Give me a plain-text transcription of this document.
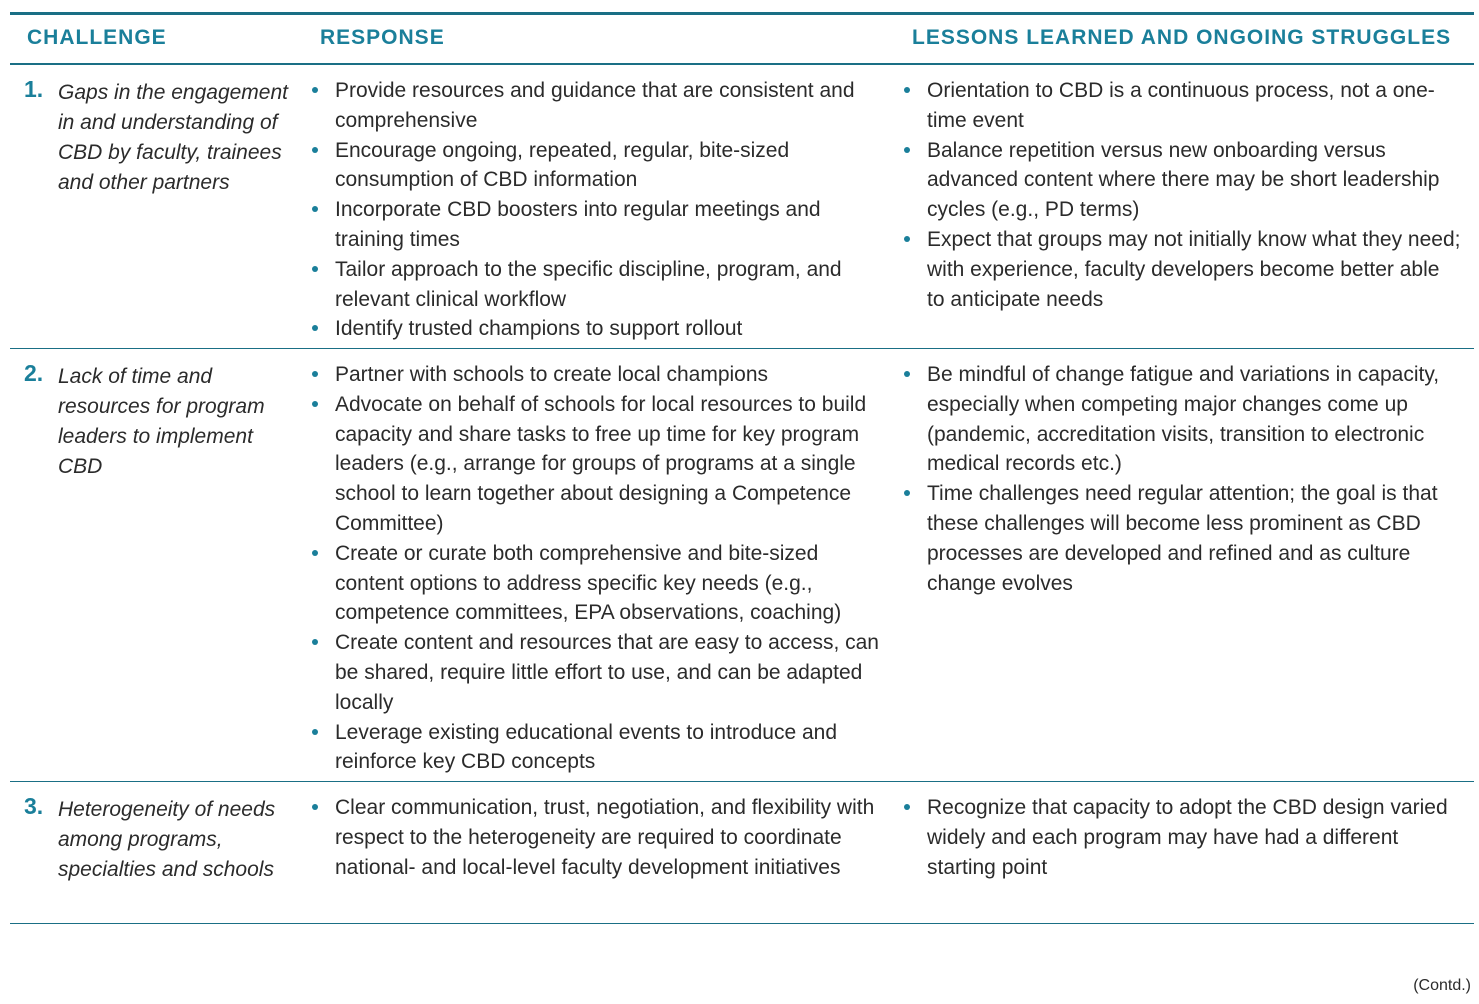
CHALLENGE	RESPONSE	LESSONS LEARNED AND ONGOING STRUGGLES
1. Gaps in the engagement in and understanding of CBD by faculty, trainees and other partners
Provide resources and guidance that are consistent and comprehensive
Encourage ongoing, repeated, regular, bite-sized consumption of CBD information
Incorporate CBD boosters into regular meetings and training times
Tailor approach to the specific discipline, program, and relevant clinical workflow
Identify trusted champions to support rollout
Orientation to CBD is a continuous process, not a one-time event
Balance repetition versus new onboarding versus advanced content where there may be short leadership cycles (e.g., PD terms)
Expect that groups may not initially know what they need; with experience, faculty developers become better able to anticipate needs
2. Lack of time and resources for program leaders to implement CBD
Partner with schools to create local champions
Advocate on behalf of schools for local resources to build capacity and share tasks to free up time for key program leaders (e.g., arrange for groups of programs at a single school to learn together about designing a Competence Committee)
Create or curate both comprehensive and bite-sized content options to address specific key needs (e.g., competence committees, EPA observations, coaching)
Create content and resources that are easy to access, can be shared, require little effort to use, and can be adapted locally
Leverage existing educational events to introduce and reinforce key CBD concepts
Be mindful of change fatigue and variations in capacity, especially when competing major changes come up (pandemic, accreditation visits, transition to electronic medical records etc.)
Time challenges need regular attention; the goal is that these challenges will become less prominent as CBD processes are developed and refined and as culture change evolves
3. Heterogeneity of needs among programs, specialties and schools
Clear communication, trust, negotiation, and flexibility with respect to the heterogeneity are required to coordinate national- and local-level faculty development initiatives
Recognize that capacity to adopt the CBD design varied widely and each program may have had a different starting point
(Contd.)
